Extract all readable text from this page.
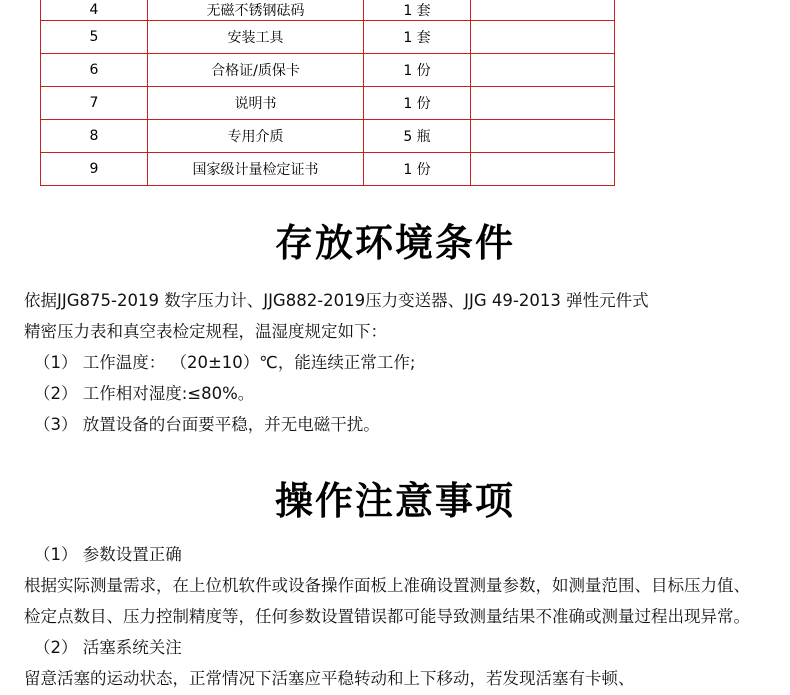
4	无磁不锈钢砝码	1 套	
5	安装工具	1 套	
6	合格证/质保卡	1 份	
7	说明书	1 份	
8	专用介质	5 瓶	
9	国家级计量检定证书	1 份	
存放环境条件

依据JJG875-2019 数字压力计、JJG882-2019压力变送器、JJG 49-2013 弹性元件式

精密压力表和真空表检定规程，温湿度规定如下：

（1） 工作温度： （20±10）℃，能连续正常工作;

（2） 工作相对湿度:≤80%。

（3） 放置设备的台面要平稳，并无电磁干扰。

操作注意事项

（1） 参数设置正确

根据实际测量需求，在上位机软件或设备操作面板上准确设置测量参数，如测量范围、目标压力值、检定点数目、压力控制精度等，任何参数设置错误都可能导致测量结果不准确或测量过程出现异常。

（2） 活塞系统关注

留意活塞的运动状态，正常情况下活塞应平稳转动和上下移动，若发现活塞有卡顿、
